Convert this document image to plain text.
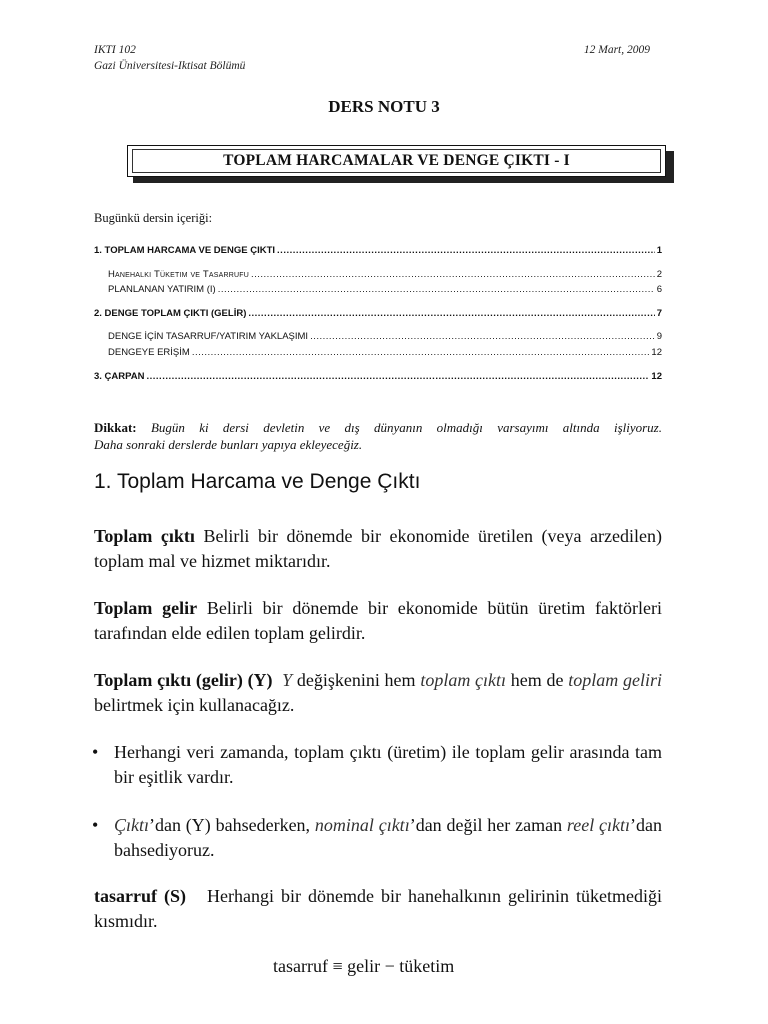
IKTI 102
Gazi Üniversitesi-Iktisat Bölümü
12 Mart, 2009
DERS NOTU 3
TOPLAM HARCAMALAR VE DENGE ÇIKTI - I
Bugünkü dersin içeriği:
1. TOPLAM HARCAMA VE DENGE ÇIKTI .....	1
Hanehalkı Tüketim ve Tasarrufu .....	2
PLANLANAN YATIRIM (I) .....	6
2. DENGE TOPLAM ÇIKTI (GELİR) .....	7
DENGE İÇİN TASARRUF/YATIRIM YAKLAŞIMI .....	9
DENGEYE ERİŞİM .....	12
3. ÇARPAN .....	12
Dikkat: Bugün ki dersi devletin ve dış dünyanın olmadığı varsayımı altında işliyoruz.
Daha sonraki derslerde bunları yapıya ekleyeceğiz.
1. Toplam Harcama ve Denge Çıktı
Toplam çıktı Belirli bir dönemde bir ekonomide üretilen (veya arzedilen) toplam mal ve hizmet miktarıdır.
Toplam gelir Belirli bir dönemde bir ekonomide bütün üretim faktörleri tarafından elde edilen toplam gelirdir.
Toplam çıktı (gelir) (Y) Y değişkenini hem toplam çıktı hem de toplam geliri belirtmek için kullanacağız.
• Herhangi veri zamanda, toplam çıktı (üretim) ile toplam gelir arasında tam bir eşitlik vardır.
• Çıktı’dan (Y) bahsederken, nominal çıktı’dan değil her zaman reel çıktı’dan bahsediyoruz.
tasarruf (S) Herhangi bir dönemde bir hanehalkının gelirinin tüketmediği kısmıdır.
tasarruf ≡ gelir − tüketim
